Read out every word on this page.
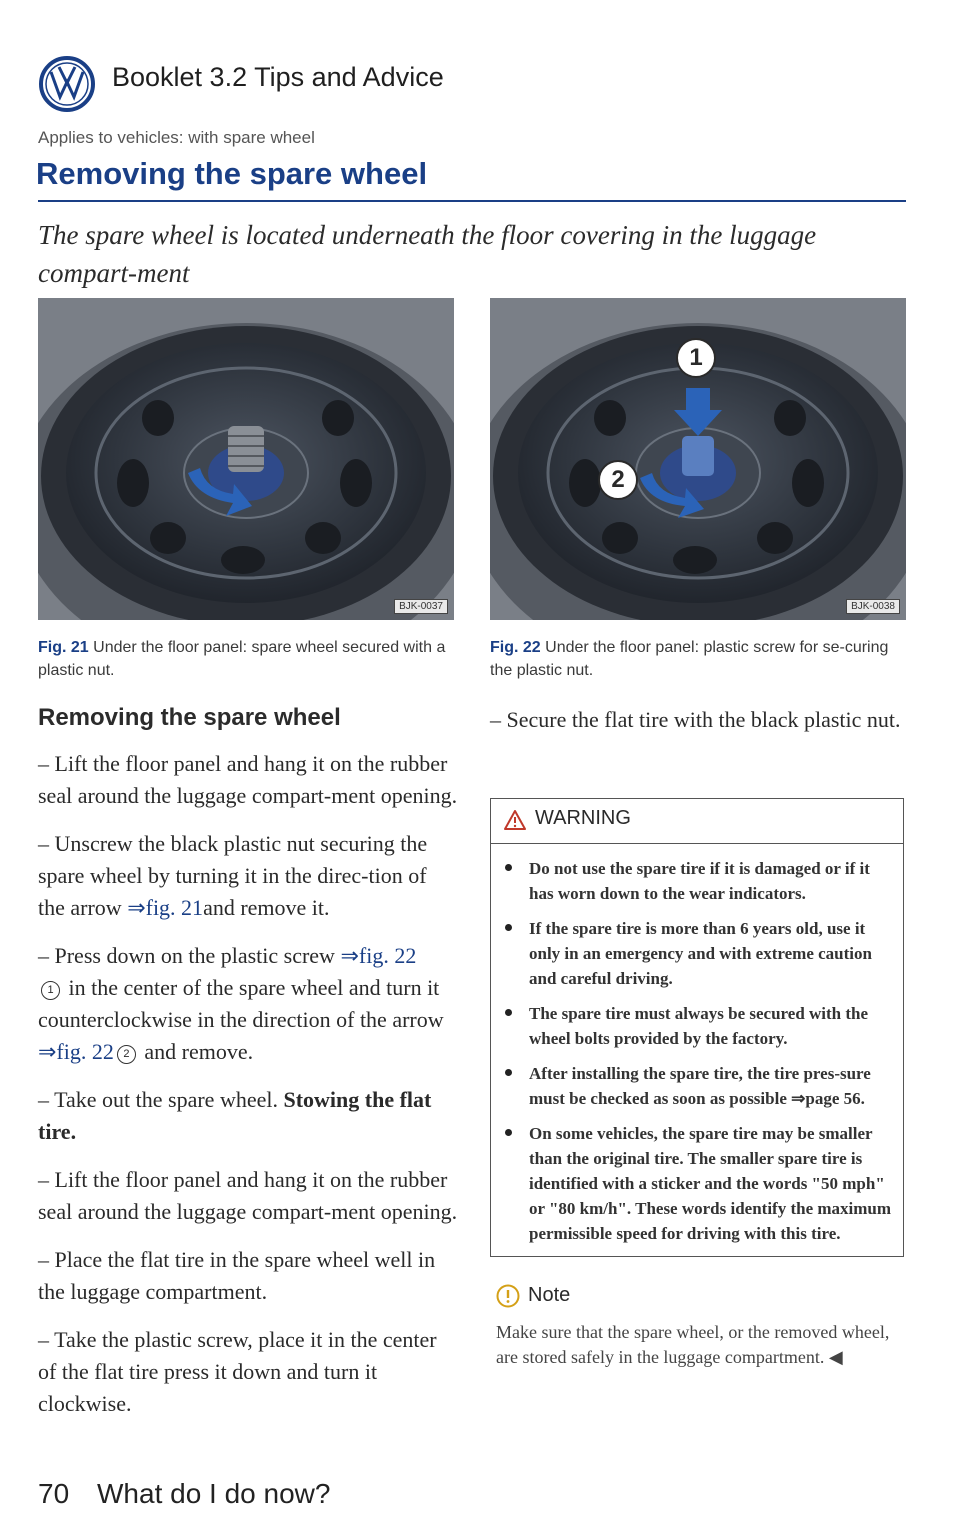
Booklet 3.2 Tips and Advice
Applies to vehicles: with spare wheel
Removing the spare wheel
The spare wheel is located underneath the floor covering in the luggage compart-ment
BJK-0037
1
2
BJK-0038
Fig. 21 Under the floor panel: spare wheel secured with a plastic nut.
Fig. 22 Under the floor panel: plastic screw for se-curing the plastic nut.
Removing the spare wheel

– Lift the floor panel and hang it on the rubber seal around the luggage compart-ment opening.

– Unscrew the black plastic nut securing the spare wheel by turning it in the direc-tion of the arrow ⇒fig. 21and remove it.

– Press down on the plastic screw ⇒fig. 22
1 in the center of the spare wheel and turn it counterclockwise in the direction of the arrow ⇒fig. 22 2 and remove.

– Take out the spare wheel. Stowing the flat tire.

– Lift the floor panel and hang it on the rubber seal around the luggage compart-ment opening.

– Place the flat tire in the spare wheel well in the luggage compartment.

– Take the plastic screw, place it in the center of the flat tire press it down and turn it clockwise.

– Secure the flat tire with the black plastic nut.

WARNING
Do not use the spare tire if it is damaged or if it has worn down to the wear indicators.
If the spare tire is more than 6 years old, use it only in an emergency and with extreme caution and careful driving.
The spare tire must always be secured with the wheel bolts provided by the factory.
After installing the spare tire, the tire pres-sure must be checked as soon as possible ⇒page 56.
On some vehicles, the spare tire may be smaller than the original tire. The smaller spare tire is identified with a sticker and the words "50 mph" or "80 km/h". These words identify the maximum permissible speed for driving with this tire.
Note
Make sure that the spare wheel, or the removed wheel, are stored safely in the luggage compartment. ◀
70 What do I do now?
